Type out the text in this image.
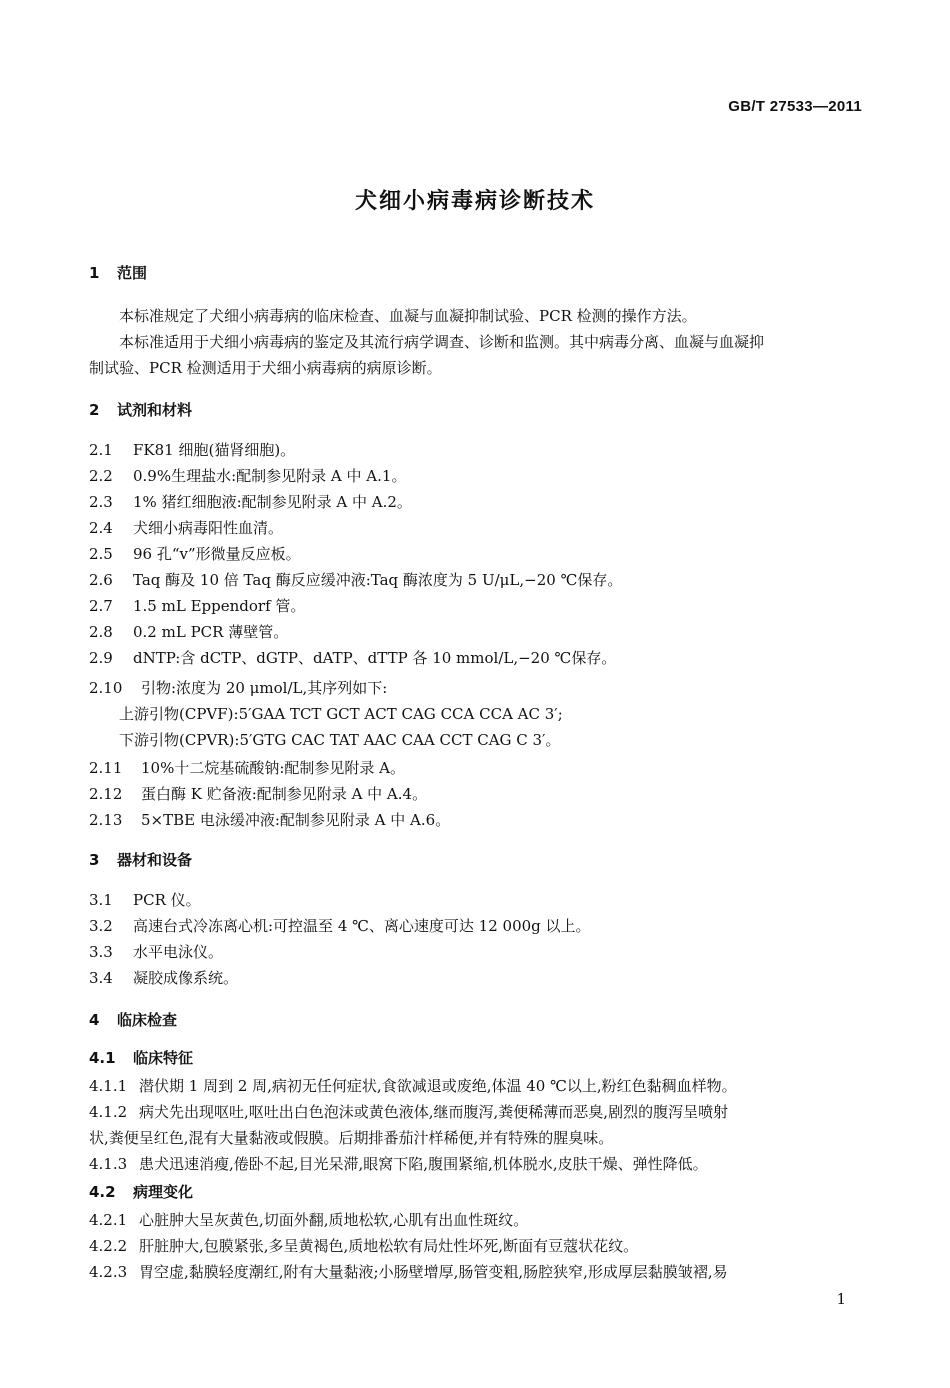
GB/T 27533—2011
犬细小病毒病诊断技术
1 范围
本标准规定了犬细小病毒病的临床检查、血凝与血凝抑制试验、PCR 检测的操作方法。
本标准适用于犬细小病毒病的鉴定及其流行病学调查、诊断和监测。其中病毒分离、血凝与血凝抑
制试验、PCR 检测适用于犬细小病毒病的病原诊断。
2 试剂和材料
2.1 FK81 细胞(猫肾细胞)。
2.2 0.9%生理盐水:配制参见附录 A 中 A.1。
2.3 1% 猪红细胞液:配制参见附录 A 中 A.2。
2.4 犬细小病毒阳性血清。
2.5 96 孔“v”形微量反应板。
2.6 Taq 酶及 10 倍 Taq 酶反应缓冲液:Taq 酶浓度为 5 U/μL,−20 ℃保存。
2.7 1.5 mL Eppendorf 管。
2.8 0.2 mL PCR 薄壁管。
2.9 dNTP:含 dCTP、dGTP、dATP、dTTP 各 10 mmol/L,−20 ℃保存。
2.10 引物:浓度为 20 μmol/L,其序列如下:
上游引物(CPVF):5′GAA TCT GCT ACT CAG CCA CCA AC 3′;
下游引物(CPVR):5′GTG CAC TAT AAC CAA CCT CAG C 3′。
2.11 10%十二烷基硫酸钠:配制参见附录 A。
2.12 蛋白酶 K 贮备液:配制参见附录 A 中 A.4。
2.13 5×TBE 电泳缓冲液:配制参见附录 A 中 A.6。
3 器材和设备
3.1 PCR 仪。
3.2 高速台式冷冻离心机:可控温至 4 ℃、离心速度可达 12 000g 以上。
3.3 水平电泳仪。
3.4 凝胶成像系统。
4 临床检查
4.1 临床特征
4.1.1 潜伏期 1 周到 2 周,病初无任何症状,食欲减退或废绝,体温 40 ℃以上,粉红色黏稠血样物。
4.1.2 病犬先出现呕吐,呕吐出白色泡沫或黄色液体,继而腹泻,粪便稀薄而恶臭,剧烈的腹泻呈喷射
状,粪便呈红色,混有大量黏液或假膜。后期排番茄汁样稀便,并有特殊的腥臭味。
4.1.3 患犬迅速消瘦,倦卧不起,目光呆滞,眼窝下陷,腹围紧缩,机体脱水,皮肤干燥、弹性降低。
4.2 病理变化
4.2.1 心脏肿大呈灰黄色,切面外翻,质地松软,心肌有出血性斑纹。
4.2.2 肝脏肿大,包膜紧张,多呈黄褐色,质地松软有局灶性坏死,断面有豆蔻状花纹。
4.2.3 胃空虚,黏膜轻度潮红,附有大量黏液;小肠壁增厚,肠管变粗,肠腔狭窄,形成厚层黏膜皱褶,易
1
